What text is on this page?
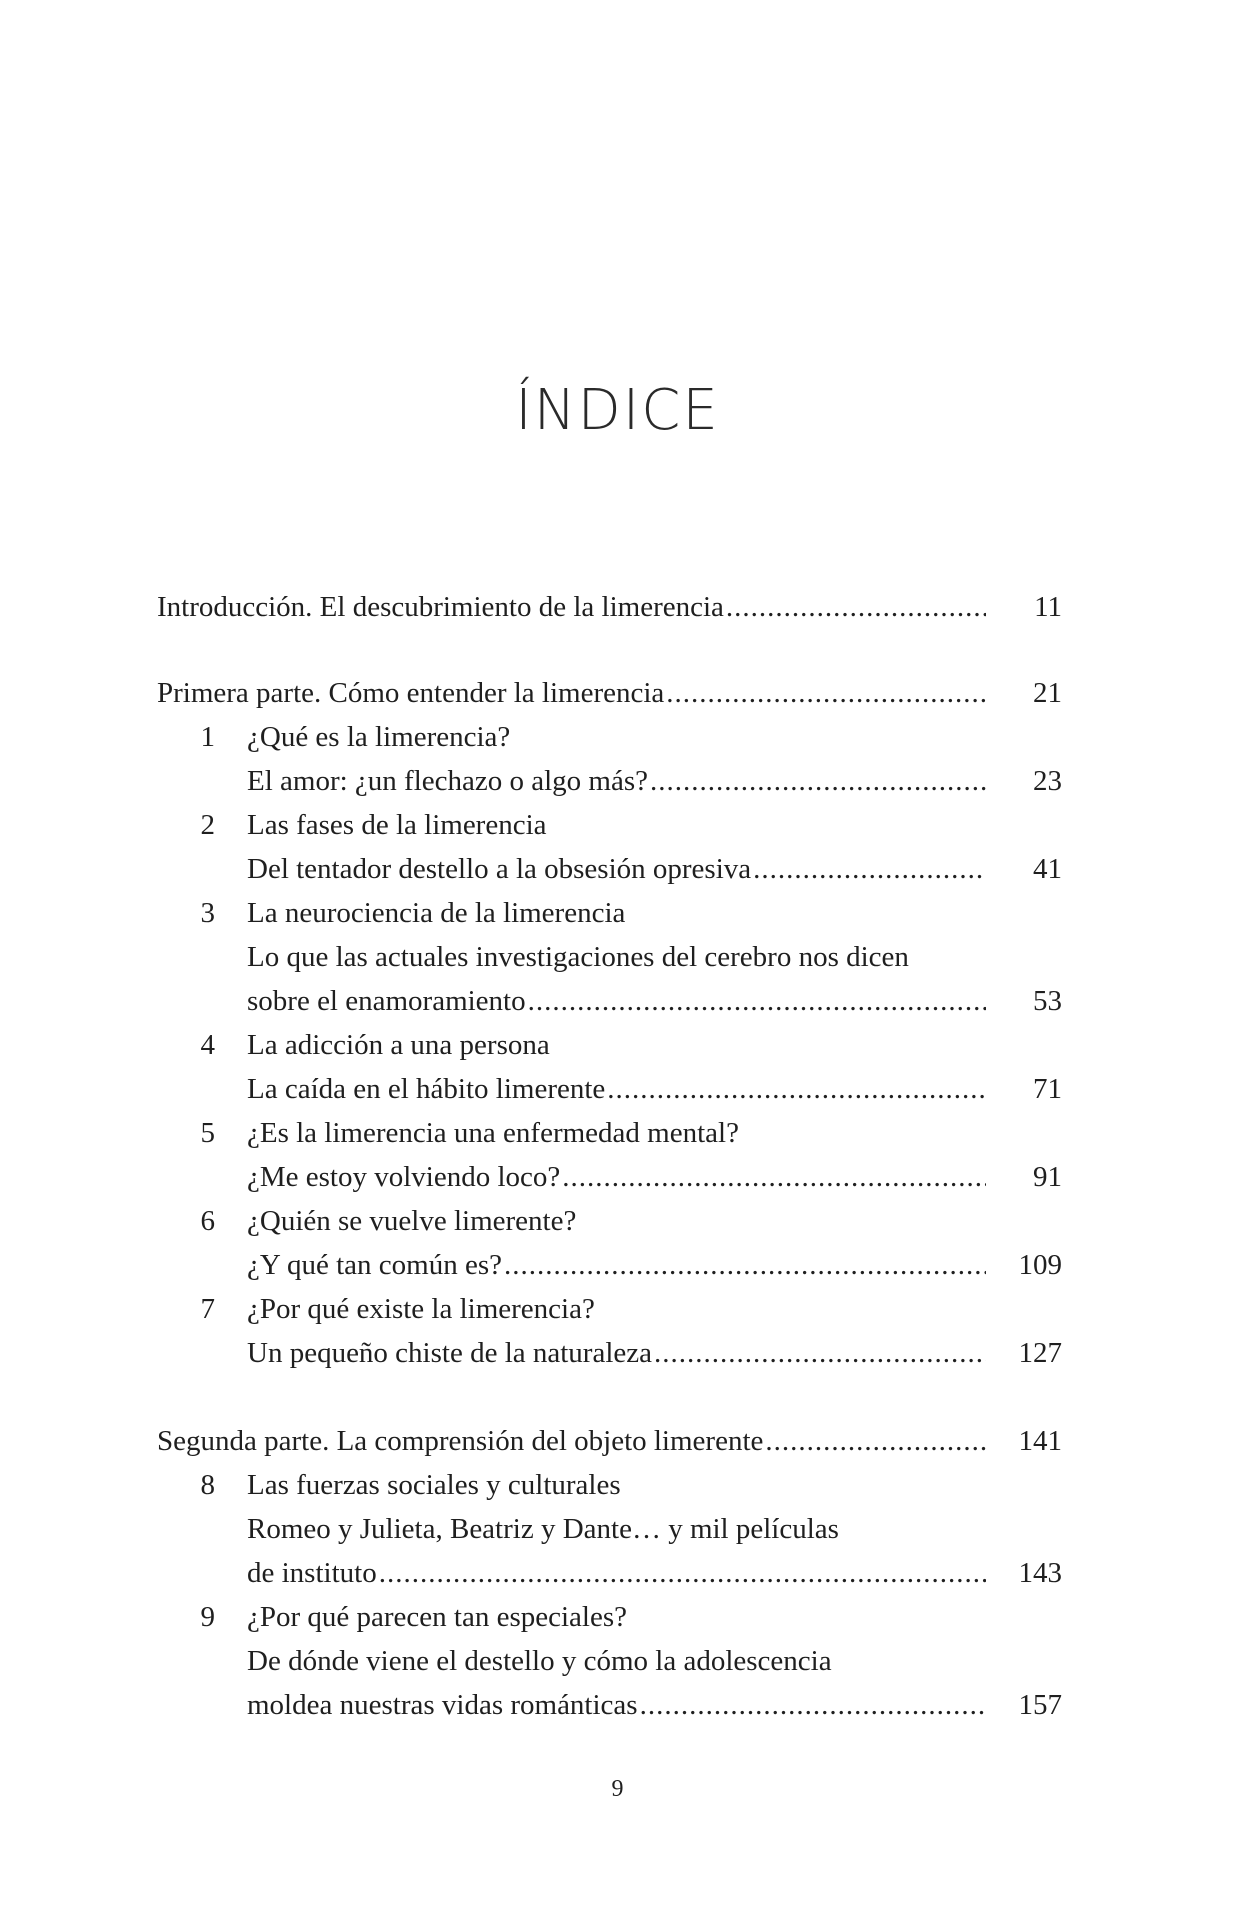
ÍNDICE
Introducción. El descubrimiento de la limerencia .....	11
Primera parte. Cómo entender la limerencia .....	21
1 ¿Qué es la limerencia?
El amor: ¿un flechazo o algo más? .....	23
2 Las fases de la limerencia
Del tentador destello a la obsesión opresiva .....	41
3 La neurociencia de la limerencia
Lo que las actuales investigaciones del cerebro nos dicen
sobre el enamoramiento .....	53
4 La adicción a una persona
La caída en el hábito limerente .....	71
5 ¿Es la limerencia una enfermedad mental?
¿Me estoy volviendo loco? .....	91
6 ¿Quién se vuelve limerente?
¿Y qué tan común es? .....	109
7 ¿Por qué existe la limerencia?
Un pequeño chiste de la naturaleza .....	127
Segunda parte. La comprensión del objeto limerente .....	141
8 Las fuerzas sociales y culturales
Romeo y Julieta, Beatriz y Dante… y mil películas
de instituto .....	143
9 ¿Por qué parecen tan especiales?
De dónde viene el destello y cómo la adolescencia
moldea nuestras vidas románticas .....	157
9
